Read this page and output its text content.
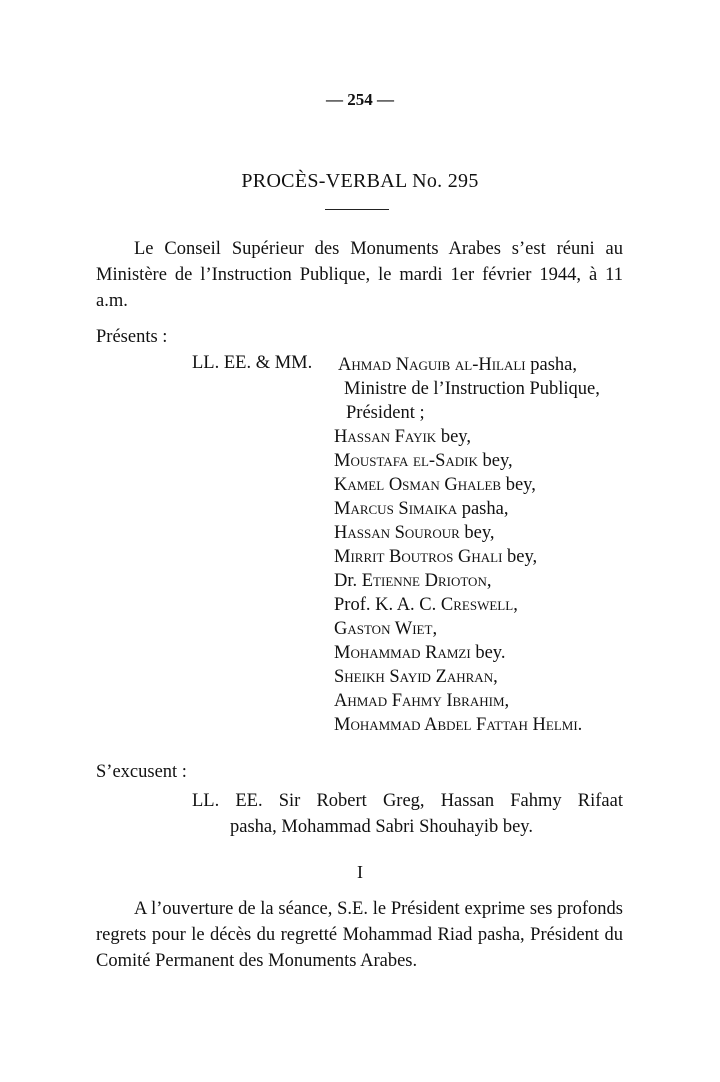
— 254 —
PROCÈS-VERBAL No. 295

Le Conseil Supérieur des Monuments Arabes s’est réuni au Ministère de l’Instruction Publique, le mardi 1er février 1944, à 11 a.m.

Présents :
LL. EE. & MM. Ahmad Naguib al-Hilali pasha,
Ministre de l’Instruction Publique,
Président ;
Hassan Fayik bey,
Moustafa el-Sadik bey,
Kamel Osman Ghaleb bey,
Marcus Simaika pasha,
Hassan Sourour bey,
Mirrit Boutros Ghali bey,
Dr. Etienne Drioton,
Prof. K. A. C. Creswell,
Gaston Wiet,
Mohammad Ramzi bey.
Sheikh Sayid Zahran,
Ahmad Fahmy Ibrahim,
Mohammad Abdel Fattah Helmi.
S’excusent :
LL. EE. Sir Robert Greg, Hassan Fahmy Rifaat
pasha, Mohammad Sabri Shouhayib bey.
I

A l’ouverture de la séance, S.E. le Président exprime ses profonds regrets pour le décès du regretté Mohammad Riad pasha, Président du Comité Permanent des Monuments Arabes.
